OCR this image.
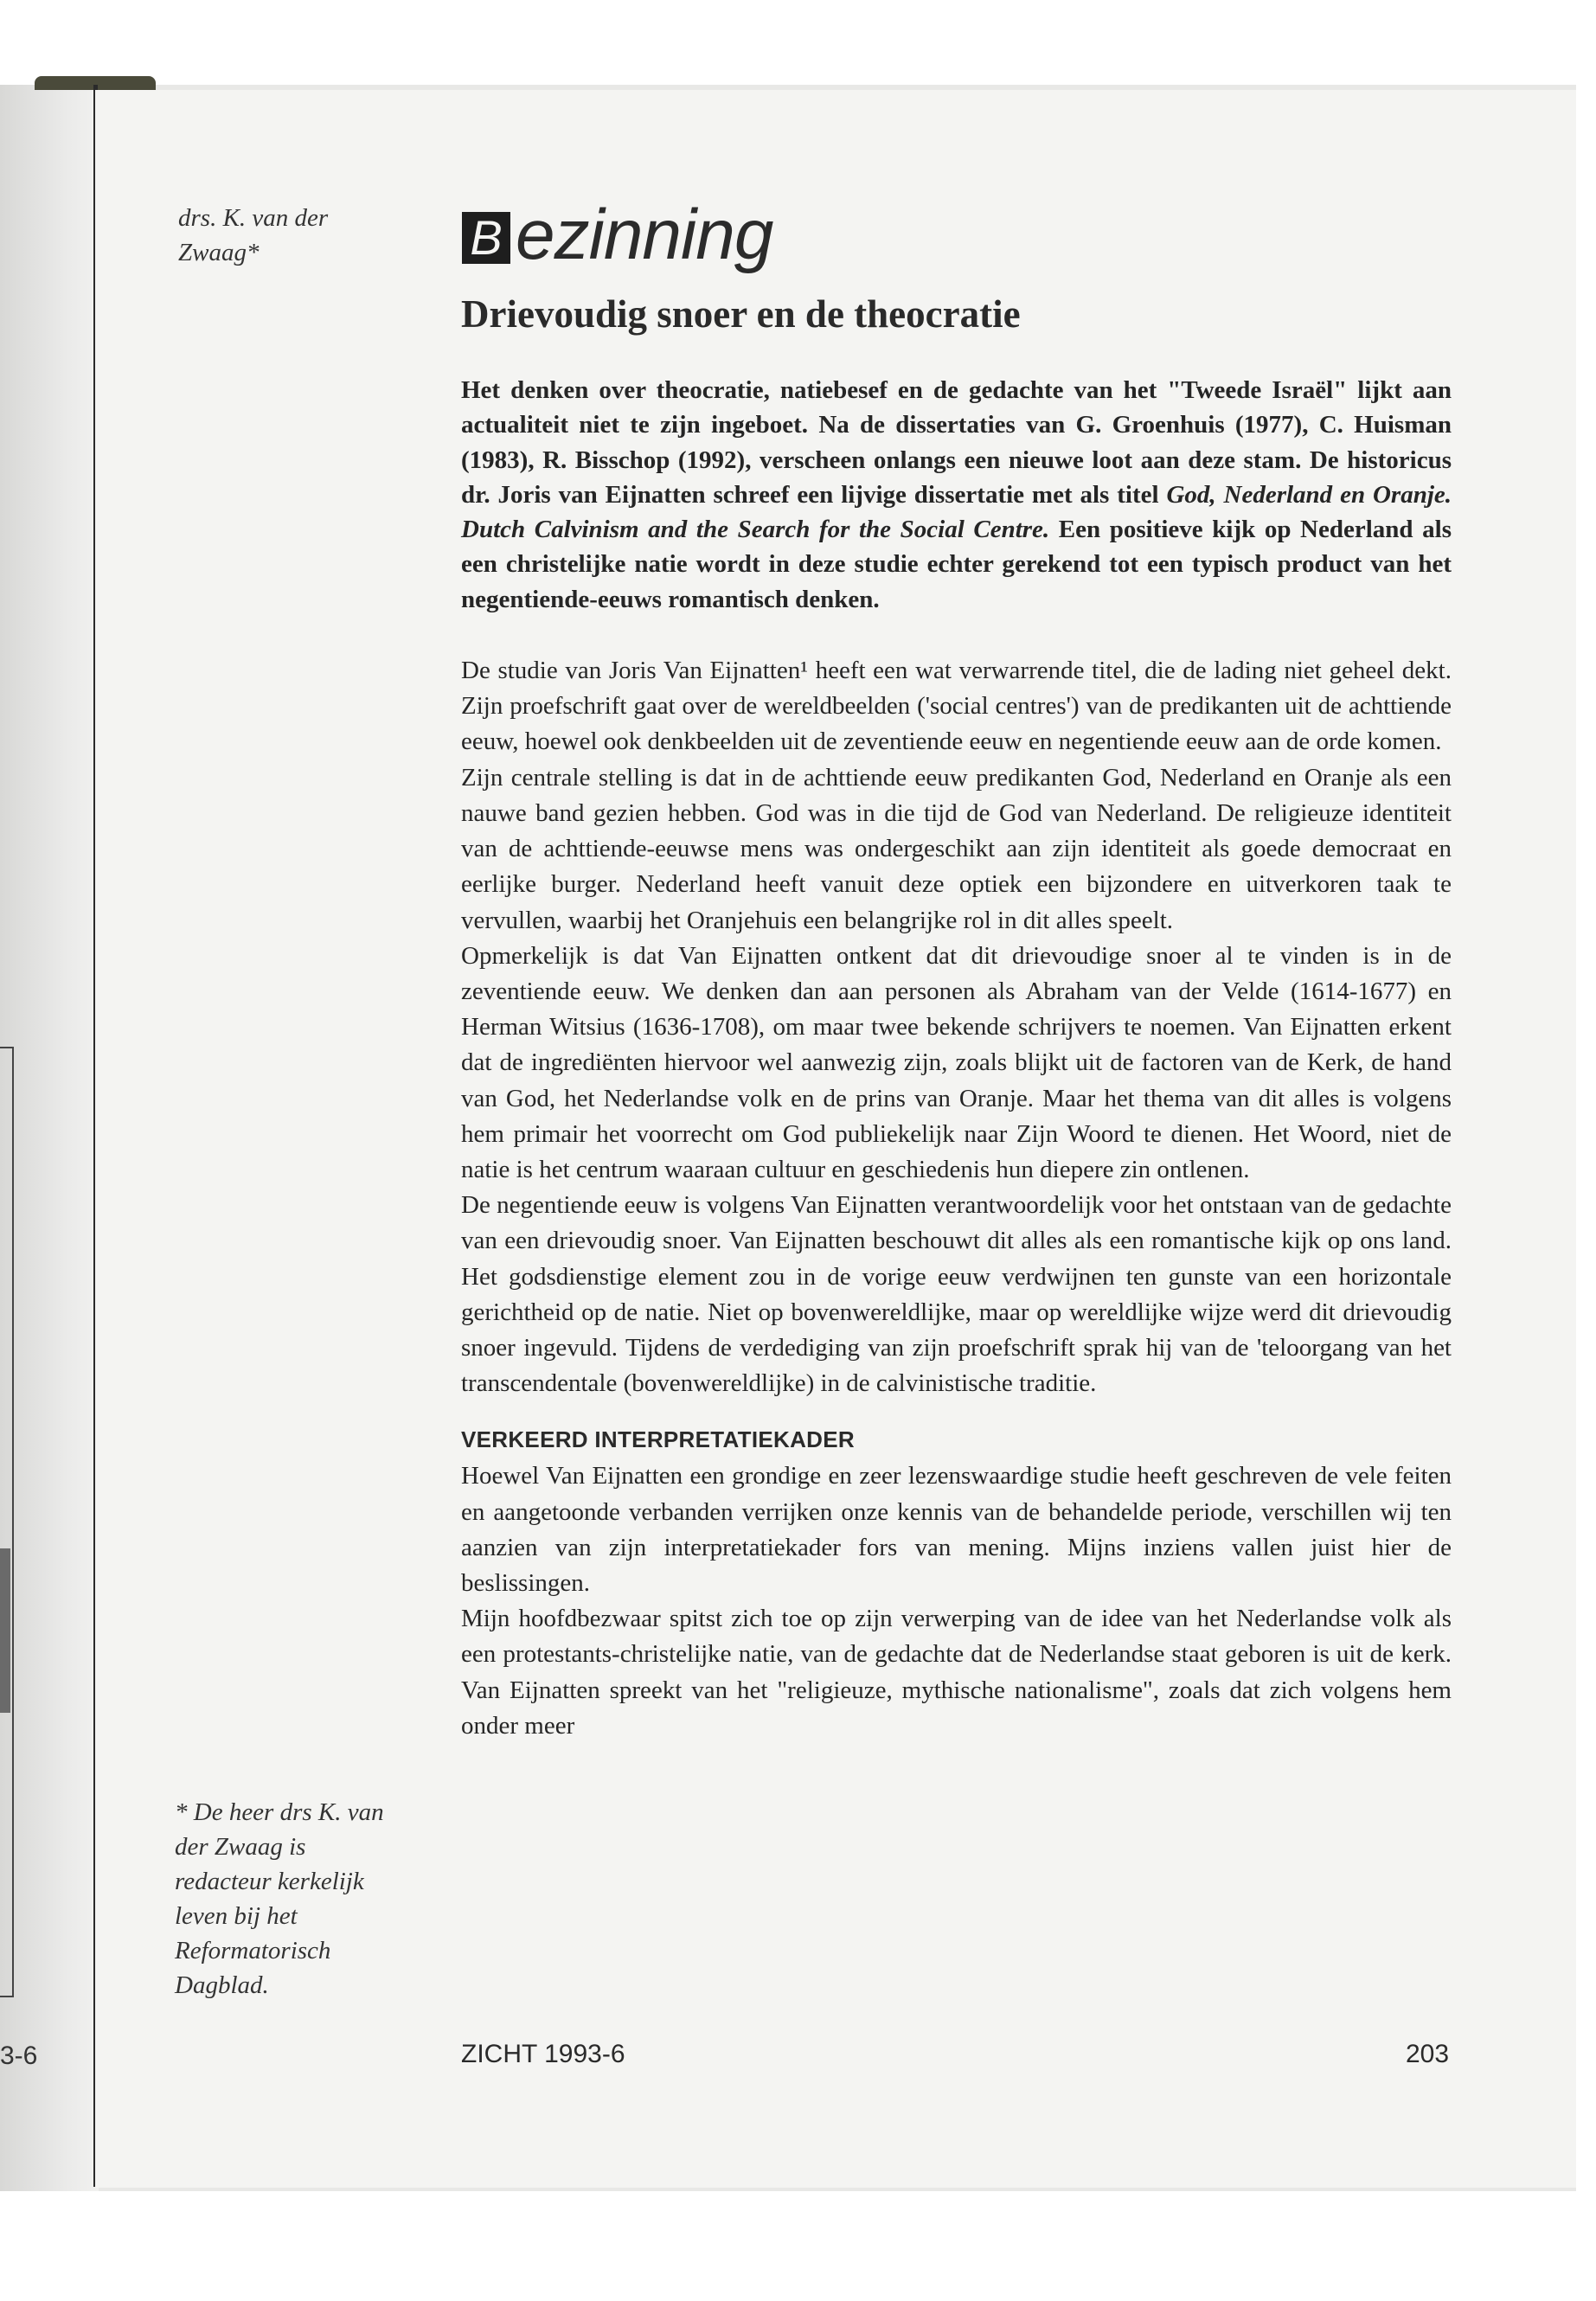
3-6
drs. K. van der Zwaag*	B ezinning
Drievoudig snoer en de theocratie

Het denken over theocratie, natiebesef en de gedachte van het "Tweede Israël" lijkt aan actualiteit niet te zijn ingeboet. Na de dissertaties van G. Groenhuis (1977), C. Huisman (1983), R. Bisschop (1992), verscheen onlangs een nieuwe loot aan deze stam. De historicus dr. Joris van Eijnatten schreef een lijvige dissertatie met als titel God, Nederland en Oranje. Dutch Calvinism and the Search for the Social Centre. Een positieve kijk op Nederland als een christelijke natie wordt in deze studie echter gerekend tot een typisch product van het negentiende-eeuws romantisch denken.

De studie van Joris Van Eijnatten¹ heeft een wat verwarrende titel, die de lading niet geheel dekt. Zijn proefschrift gaat over de wereldbeelden ('social centres') van de predikanten uit de achttiende eeuw, hoewel ook denkbeelden uit de zeventiende eeuw en negentiende eeuw aan de orde komen.

Zijn centrale stelling is dat in de achttiende eeuw predikanten God, Nederland en Oranje als een nauwe band gezien hebben. God was in die tijd de God van Nederland. De religieuze identiteit van de achttiende-eeuwse mens was ondergeschikt aan zijn identiteit als goede democraat en eerlijke burger. Nederland heeft vanuit deze optiek een bijzondere en uitverkoren taak te vervullen, waarbij het Oranjehuis een belangrijke rol in dit alles speelt.

Opmerkelijk is dat Van Eijnatten ontkent dat dit drievoudige snoer al te vinden is in de zeventiende eeuw. We denken dan aan personen als Abraham van der Velde (1614-1677) en Herman Witsius (1636-1708), om maar twee bekende schrijvers te noemen. Van Eijnatten erkent dat de ingrediënten hiervoor wel aanwezig zijn, zoals blijkt uit de factoren van de Kerk, de hand van God, het Nederlandse volk en de prins van Oranje. Maar het thema van dit alles is volgens hem primair het voorrecht om God publiekelijk naar Zijn Woord te dienen. Het Woord, niet de natie is het centrum waaraan cultuur en geschiedenis hun diepere zin ontlenen.

De negentiende eeuw is volgens Van Eijnatten verantwoordelijk voor het ontstaan van de gedachte van een drievoudig snoer. Van Eijnatten beschouwt dit alles als een romantische kijk op ons land. Het godsdienstige element zou in de vorige eeuw verdwijnen ten gunste van een horizontale gerichtheid op de natie. Niet op bovenwereldlijke, maar op wereldlijke wijze werd dit drievoudig snoer ingevuld. Tijdens de verdediging van zijn proefschrift sprak hij van de 'teloorgang van het transcendentale (bovenwereldlijke) in de calvinistische traditie.

VERKEERD INTERPRETATIEKADER

Hoewel Van Eijnatten een grondige en zeer lezenswaardige studie heeft geschreven de vele feiten en aangetoonde verbanden verrijken onze kennis van de behandelde periode, verschillen wij ten aanzien van zijn interpretatiekader fors van mening. Mijns inziens vallen juist hier de beslissingen.

Mijn hoofdbezwaar spitst zich toe op zijn verwerping van de idee van het Nederlandse volk als een protestants-christelijke natie, van de gedachte dat de Nederlandse staat geboren is uit de kerk. Van Eijnatten spreekt van het "religieuze, mythische nationalisme", zoals dat zich volgens hem onder meer

* De heer drs K. van der Zwaag is redacteur kerkelijk leven bij het Reformatorisch Dagblad.
ZICHT 1993-6	203
